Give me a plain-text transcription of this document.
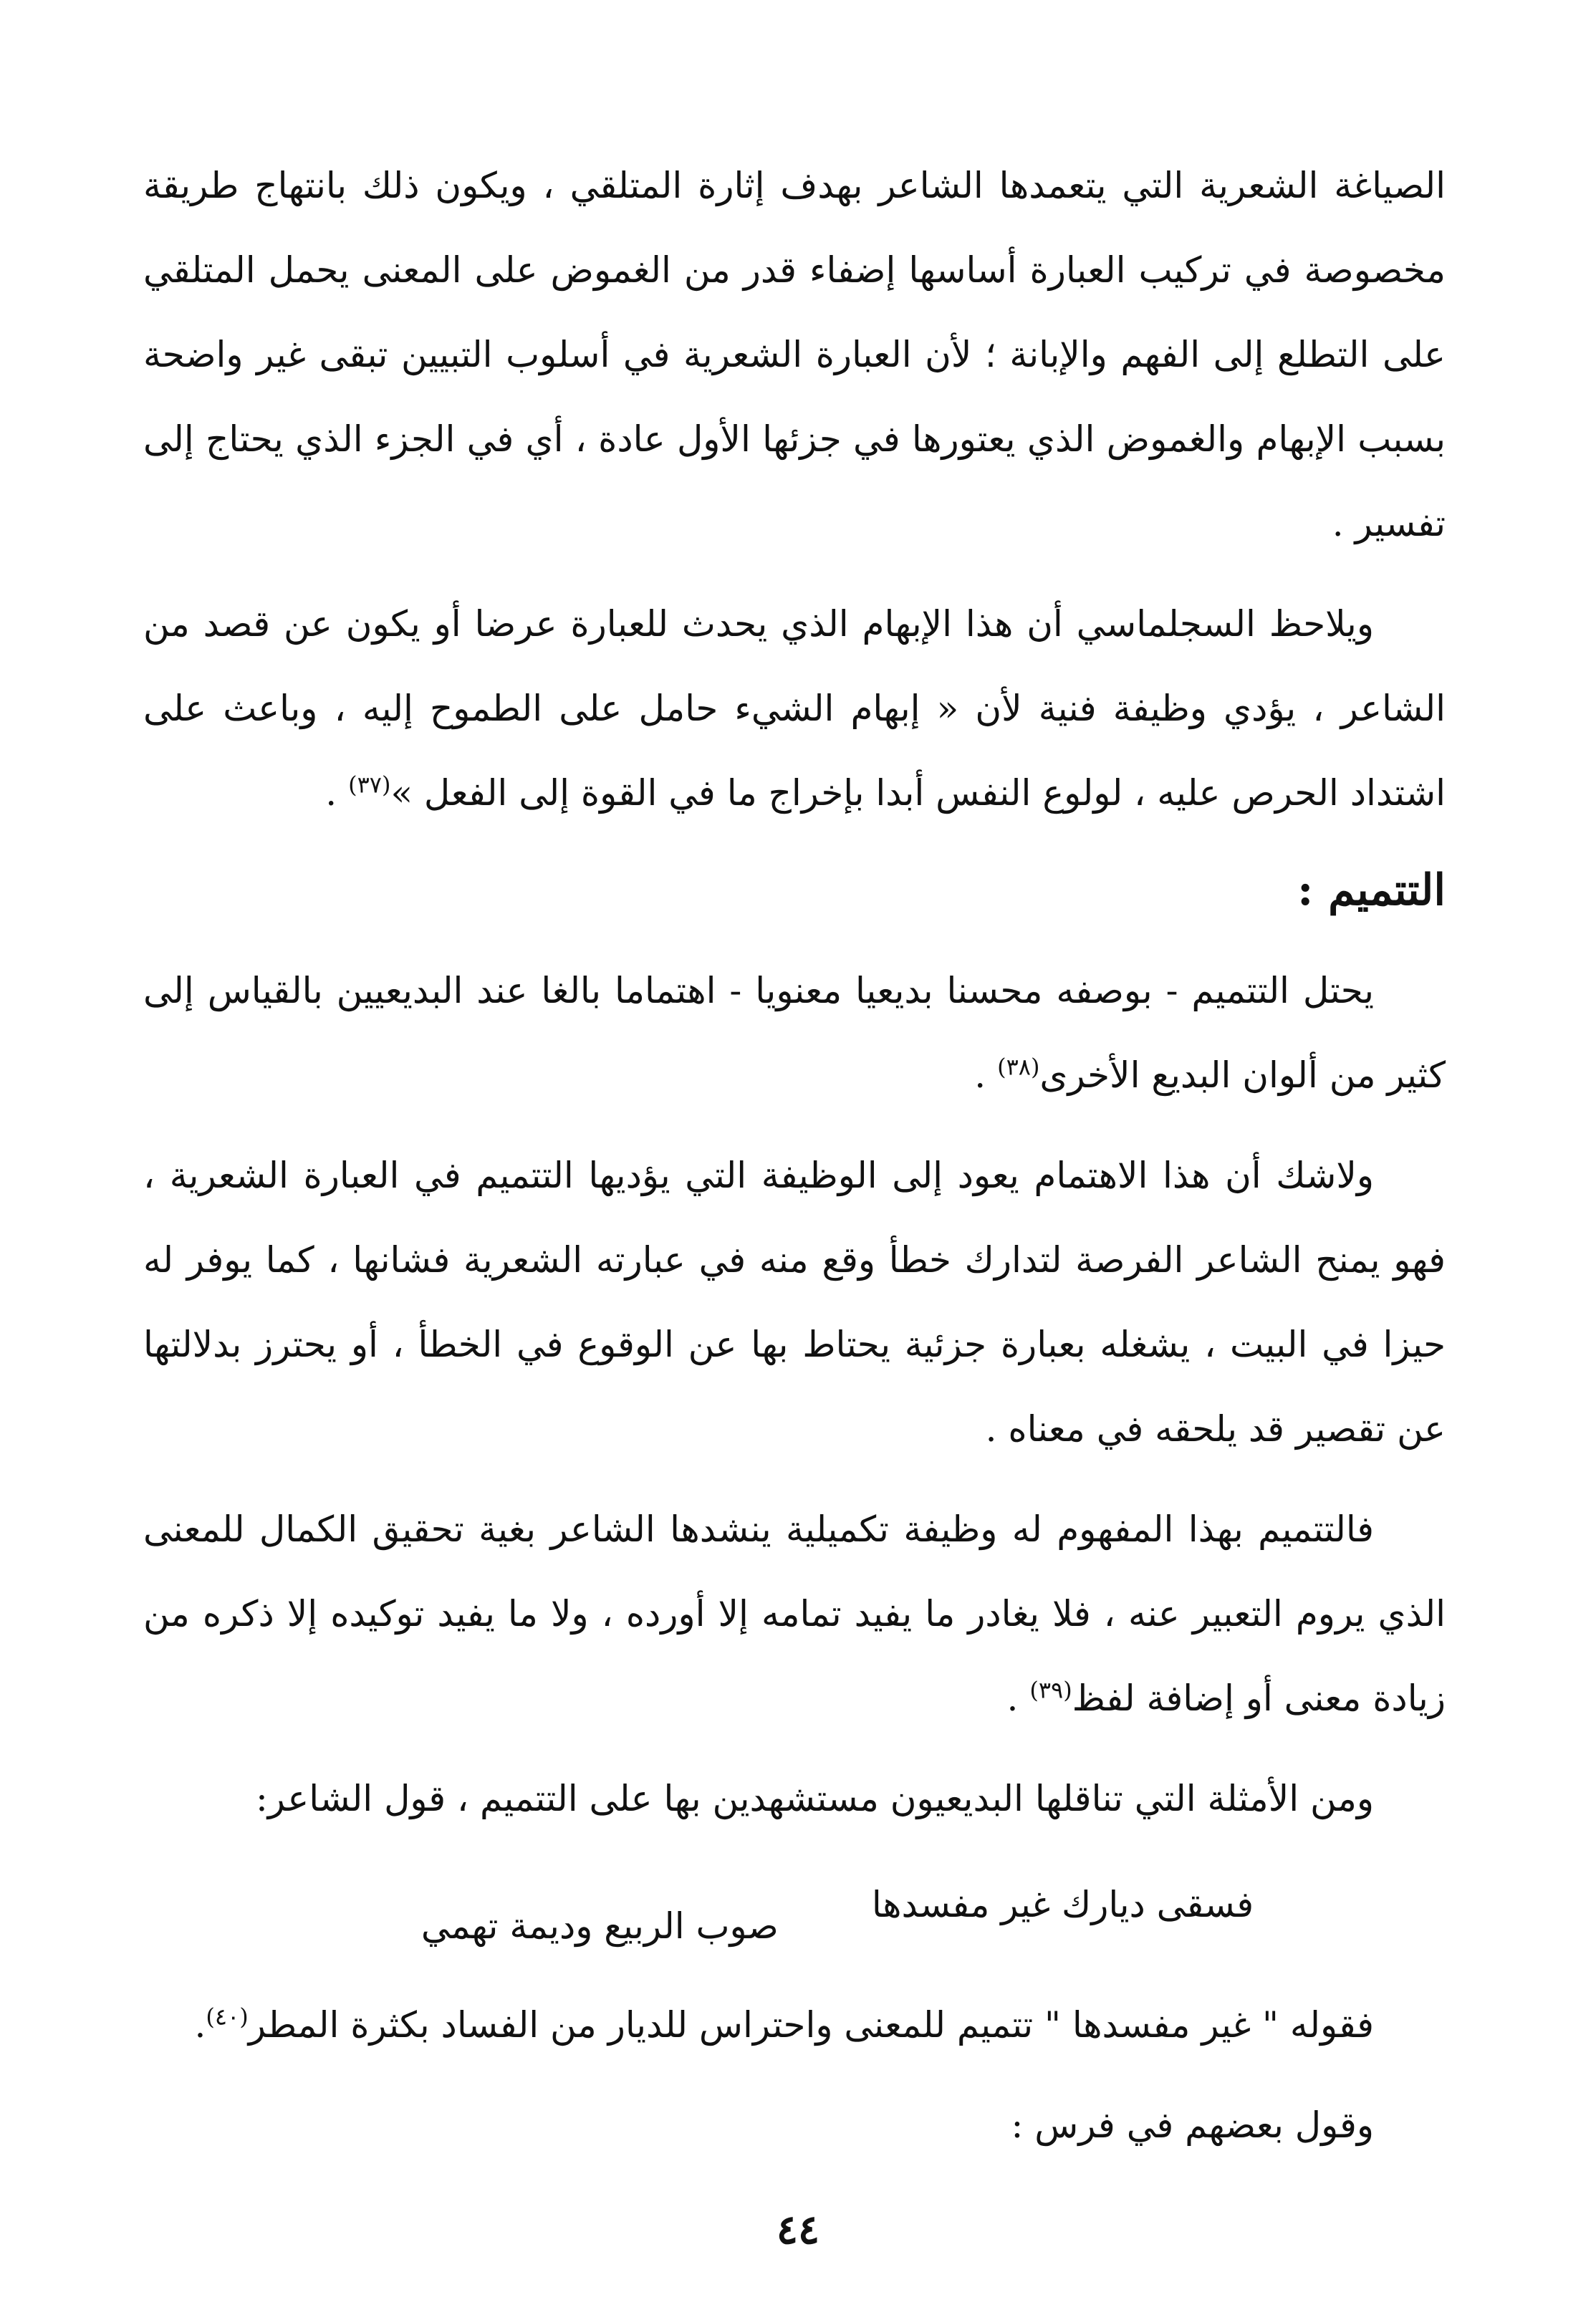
الصياغة الشعرية التي يتعمدها الشاعر بهدف إثارة المتلقي ، ويكون ذلك بانتهاج طريقة مخصوصة في تركيب العبارة أساسها إضفاء قدر من الغموض على المعنى يحمل المتلقي على التطلع إلى الفهم والإبانة ؛ لأن العبارة الشعرية في أسلوب التبيين تبقى غير واضحة بسبب الإبهام والغموض الذي يعتورها في جزئها الأول عادة ، أي في الجزء الذي يحتاج إلى تفسير .

ويلاحظ السجلماسي أن هذا الإبهام الذي يحدث للعبارة عرضا أو يكون عن قصد من الشاعر ، يؤدي وظيفة فنية لأن « إبهام الشيء حامل على الطموح إليه ، وباعث على اشتداد الحرص عليه ، لولوع النفس أبدا بإخراج ما في القوة إلى الفعل »$^{(٣٧)}$ .

التتميم :

يحتل التتميم - بوصفه محسنا بديعيا معنويا - اهتماما بالغا عند البديعيين بالقياس إلى كثير من ألوان البديع الأخرى$^{(٣٨)}$ .

ولاشك أن هذا الاهتمام يعود إلى الوظيفة التي يؤديها التتميم في العبارة الشعرية ، فهو يمنح الشاعر الفرصة لتدارك خطأ وقع منه في عبارته الشعرية فشانها ، كما يوفر له حيزا في البيت ، يشغله بعبارة جزئية يحتاط بها عن الوقوع في الخطأ ، أو يحترز بدلالتها عن تقصير قد يلحقه في معناه .

فالتتميم بهذا المفهوم له وظيفة تكميلية ينشدها الشاعر بغية تحقيق الكمال للمعنى الذي يروم التعبير عنه ، فلا يغادر ما يفيد تمامه إلا أورده ، ولا ما يفيد توكيده إلا ذكره من زيادة معنى أو إضافة لفظ$^{(٣٩)}$ .

ومن الأمثلة التي تناقلها البديعيون مستشهدين بها على التتميم ، قول الشاعر:

فسقى ديارك غير مفسدها
صوب الربيع وديمة تهمي

فقوله " غير مفسدها " تتميم للمعنى واحتراس للديار من الفساد بكثرة المطر$^{(٤٠)}$.

وقول بعضهم في فرس :

٤٤
